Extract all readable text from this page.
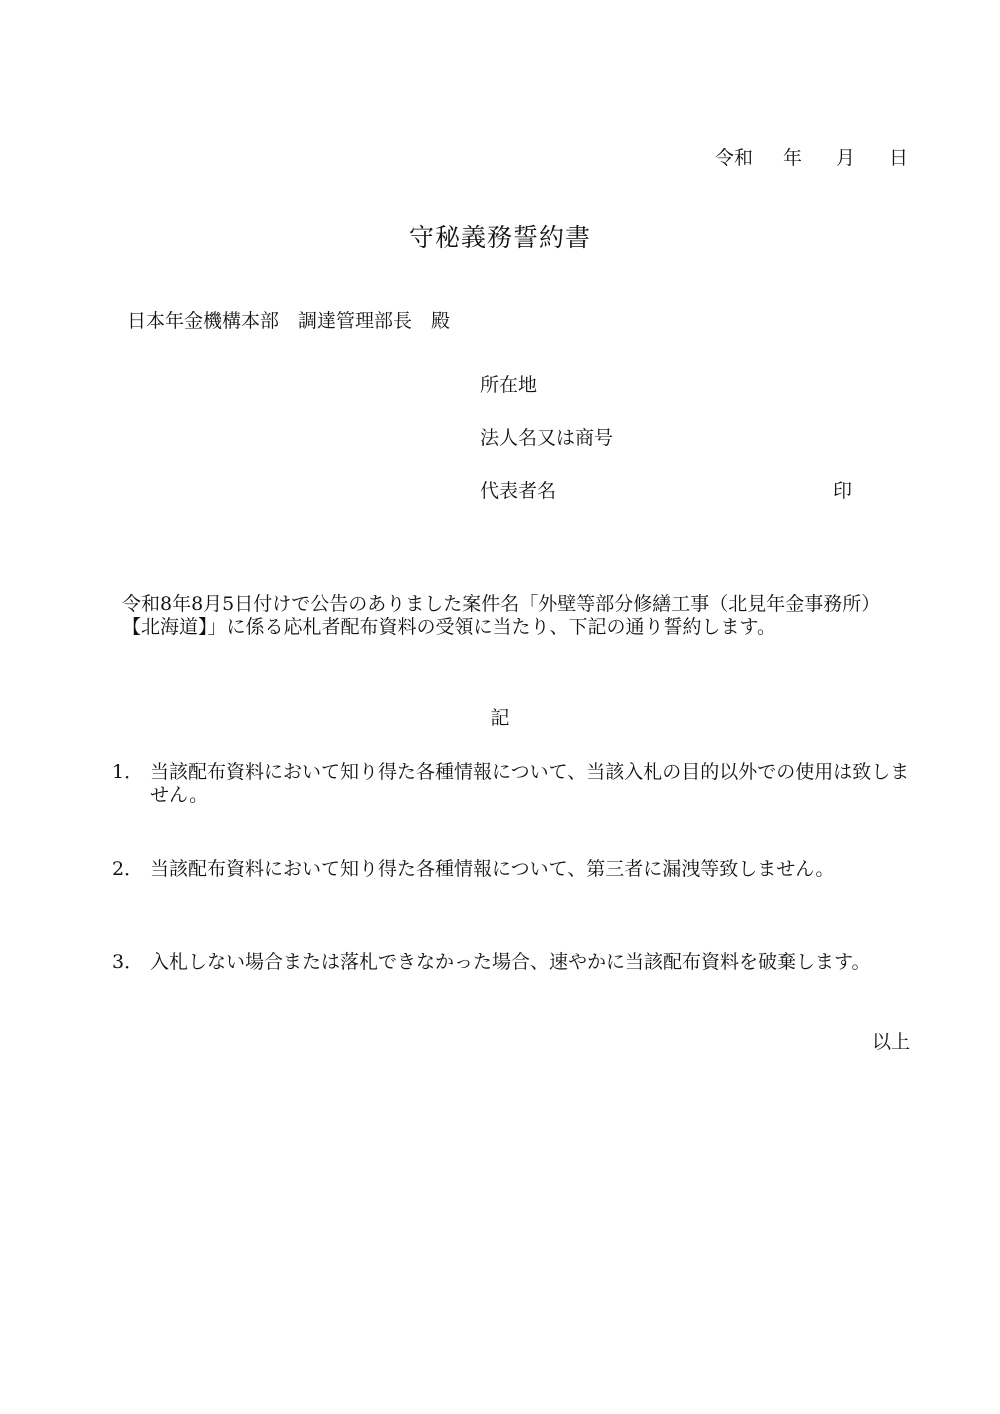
令和 年 月 日
守秘義務誓約書
日本年金機構本部　調達管理部長　殿
所在地
法人名又は商号
代表者名	印
令和8年8月5日付けで公告のありました案件名「外壁等部分修繕工事（北見年金事務所）【北海道】」に係る応札者配布資料の受領に当たり、下記の通り誓約します。
記
1． 当該配布資料において知り得た各種情報について、当該入札の目的以外での使用は致しません。
2． 当該配布資料において知り得た各種情報について、第三者に漏洩等致しません。
3． 入札しない場合または落札できなかった場合、速やかに当該配布資料を破棄します。
以上
